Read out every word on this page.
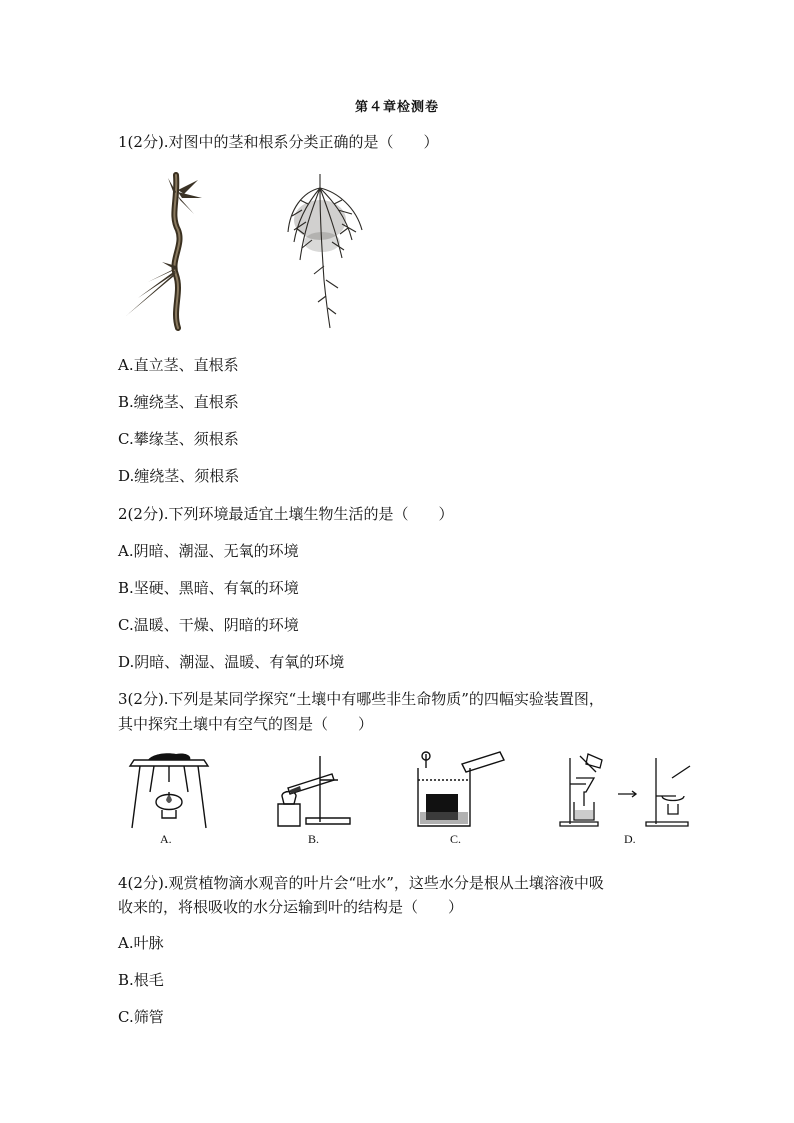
第４章检测卷
1(2分).对图中的茎和根系分类正确的是（　　）
A.直立茎、直根系
B.缠绕茎、直根系
C.攀缘茎、须根系
D.缠绕茎、须根系
2(2分).下列环境最适宜土壤生物生活的是（　　）
A.阴暗、潮湿、无氧的环境
B.坚硬、黑暗、有氧的环境
C.温暖、干燥、阴暗的环境
D.阴暗、潮湿、温暖、有氧的环境
3(2分).下列是某同学探究“土壤中有哪些非生命物质”的四幅实验装置图，
其中探究土壤中有空气的图是（　　）
A.	B.	C.	D.
4(2分).观赏植物滴水观音的叶片会“吐水”，这些水分是根从土壤溶液中吸
收来的，将根吸收的水分运输到叶的结构是（　　）
A.叶脉
B.根毛
C.筛管
